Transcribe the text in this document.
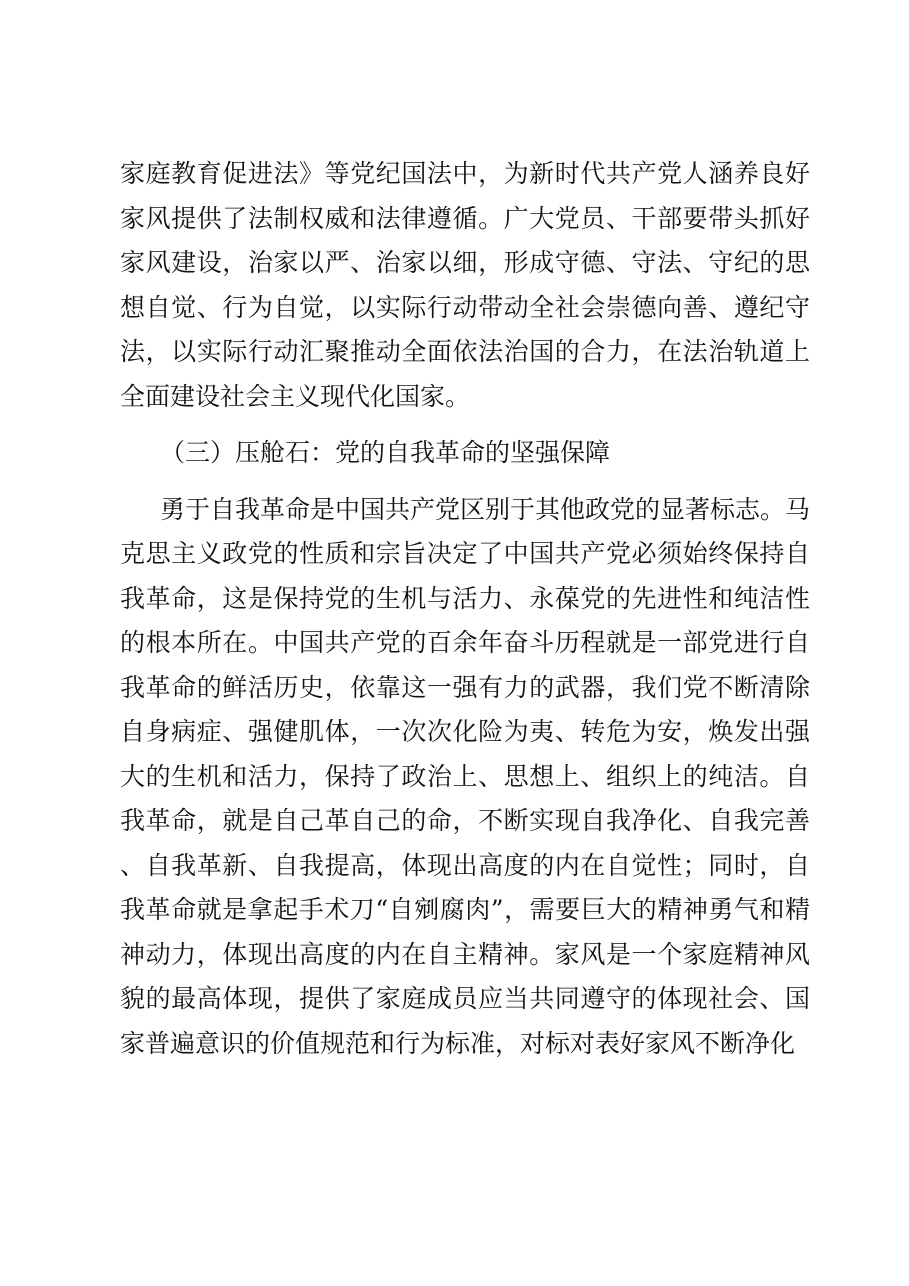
家庭教育促进法》等党纪国法中，为新时代共产党人涵养良好家风提供了法制权威和法律遵循。广大党员、干部要带头抓好家风建设，治家以严、治家以细，形成守德、守法、守纪的思想自觉、行为自觉，以实际行动带动全社会崇德向善、遵纪守法，以实际行动汇聚推动全面依法治国的合力，在法治轨道上全面建设社会主义现代化国家。

（三）压舱石：党的自我革命的坚强保障

勇于自我革命是中国共产党区别于其他政党的显著标志。马克思主义政党的性质和宗旨决定了中国共产党必须始终保持自我革命，这是保持党的生机与活力、永葆党的先进性和纯洁性的根本所在。中国共产党的百余年奋斗历程就是一部党进行自我革命的鲜活历史，依靠这一强有力的武器，我们党不断清除自身病症、强健肌体，一次次化险为夷、转危为安，焕发出强大的生机和活力，保持了政治上、思想上、组织上的纯洁。自我革命，就是自己革自己的命，不断实现自我净化、自我完善、自我革新、自我提高，体现出高度的内在自觉性；同时，自我革命就是拿起手术刀“自剜腐肉”，需要巨大的精神勇气和精神动力，体现出高度的内在自主精神。家风是一个家庭精神风貌的最高体现，提供了家庭成员应当共同遵守的体现社会、国家普遍意识的价值规范和行为标准，对标对表好家风不断净化
